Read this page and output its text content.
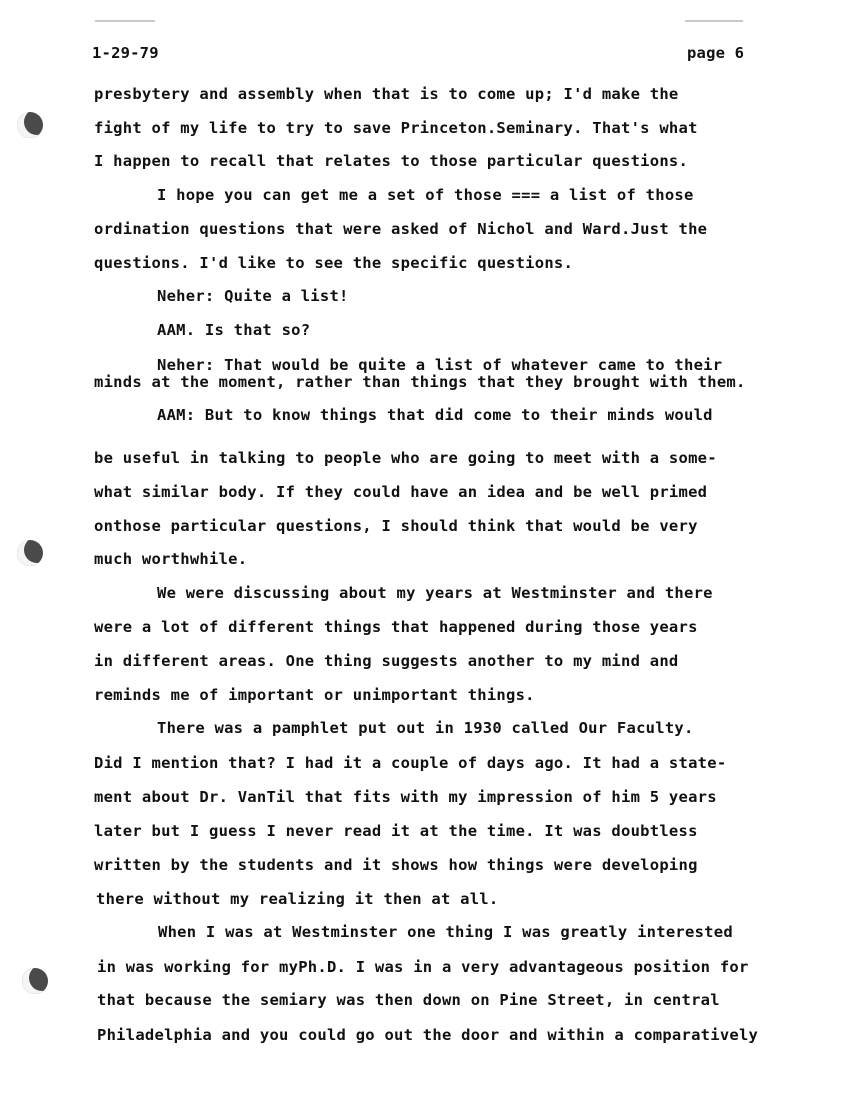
1-29-79	page 6
presbytery and assembly when that is to come up; I'd make the
fight of my life to try to save Princeton.Seminary. That's what
I happen to recall that relates to those particular questions.
I hope you can get me a set of those === a list of those
ordination questions that were asked of Nichol and Ward.Just the
questions. I'd like to see the specific questions.
Neher: Quite a list!
AAM. Is that so?
Neher: That would be quite a list of whatever came to their
minds at the moment, rather than things that they brought with them.
AAM: But to know things that did come to their minds would
be useful in talking to people who are going to meet with a some-
what similar body. If they could have an idea and be well primed
onthose particular questions, I should think that would be very
much worthwhile.
We were discussing about my years at Westminster and there
were a lot of different things that happened during those years
in different areas. One thing suggests another to my mind and
reminds me of important or unimportant things.
There was a pamphlet put out in 1930 called Our Faculty.
Did I mention that? I had it a couple of days ago. It had a state-
ment about Dr. VanTil that fits with my impression of him 5 years
later but I guess I never read it at the time. It was doubtless
written by the students and it shows how things were developing
there without my realizing it then at all.
When I was at Westminster one thing I was greatly interested
in was working for myPh.D. I was in a very advantageous position for
that because the semiary was then down on Pine Street, in central
Philadelphia and you could go out the door and within a comparatively
